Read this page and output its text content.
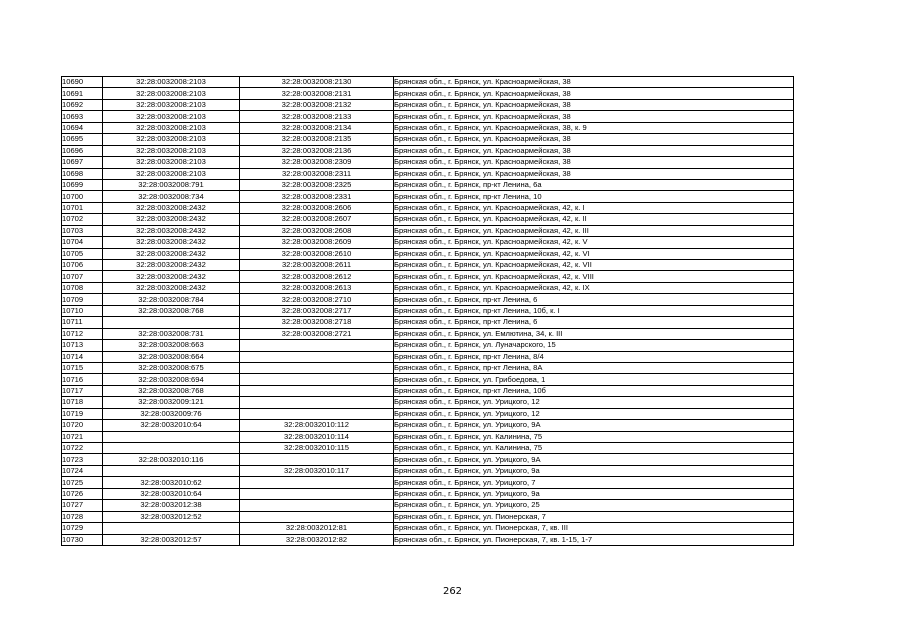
10690	32:28:0032008:2103	32:28:0032008:2130	Брянская обл., г. Брянск, ул. Красноармейская, 38
10691	32:28:0032008:2103	32:28:0032008:2131	Брянская обл., г. Брянск, ул. Красноармейская, 38
10692	32:28:0032008:2103	32:28:0032008:2132	Брянская обл., г. Брянск, ул. Красноармейская, 38
10693	32:28:0032008:2103	32:28:0032008:2133	Брянская обл., г. Брянск, ул. Красноармейская, 38
10694	32:28:0032008:2103	32:28:0032008:2134	Брянская обл., г. Брянск, ул. Красноармейская, 38, к. 9
10695	32:28:0032008:2103	32:28:0032008:2135	Брянская обл., г. Брянск, ул. Красноармейская, 38
10696	32:28:0032008:2103	32:28:0032008:2136	Брянская обл., г. Брянск, ул. Красноармейская, 38
10697	32:28:0032008:2103	32:28:0032008:2309	Брянская обл., г. Брянск, ул. Красноармейская, 38
10698	32:28:0032008:2103	32:28:0032008:2311	Брянская обл., г. Брянск, ул. Красноармейская, 38
10699	32:28:0032008:791	32:28:0032008:2325	Брянская обл., г. Брянск, пр-кт Ленина, 6а
10700	32:28:0032008:734	32:28:0032008:2331	Брянская обл., г. Брянск, пр-кт Ленина, 10
10701	32:28:0032008:2432	32:28:0032008:2606	Брянская обл., г. Брянск, ул. Красноармейская, 42, к. I
10702	32:28:0032008:2432	32:28:0032008:2607	Брянская обл., г. Брянск, ул. Красноармейская, 42, к. II
10703	32:28:0032008:2432	32:28:0032008:2608	Брянская обл., г. Брянск, ул. Красноармейская, 42, к. III
10704	32:28:0032008:2432	32:28:0032008:2609	Брянская обл., г. Брянск, ул. Красноармейская, 42, к. V
10705	32:28:0032008:2432	32:28:0032008:2610	Брянская обл., г. Брянск, ул. Красноармейская, 42, к. VI
10706	32:28:0032008:2432	32:28:0032008:2611	Брянская обл., г. Брянск, ул. Красноармейская, 42, к. VII
10707	32:28:0032008:2432	32:28:0032008:2612	Брянская обл., г. Брянск, ул. Красноармейская, 42, к. VIII
10708	32:28:0032008:2432	32:28:0032008:2613	Брянская обл., г. Брянск, ул. Красноармейская, 42, к. IX
10709	32:28:0032008:784	32:28:0032008:2710	Брянская обл., г. Брянск, пр-кт Ленина, 6
10710	32:28:0032008:768	32:28:0032008:2717	Брянская обл., г. Брянск, пр-кт Ленина, 10б, к. I
10711		32:28:0032008:2718	Брянская обл., г. Брянск, пр-кт Ленина, 6
10712	32:28:0032008:731	32:28:0032008:2721	Брянская обл., г. Брянск, ул. Емлютина, 34, к. III
10713	32:28:0032008:663		Брянская обл., г. Брянск, ул. Луначарского, 15
10714	32:28:0032008:664		Брянская обл., г. Брянск, пр-кт Ленина, 8/4
10715	32:28:0032008:675		Брянская обл., г. Брянск, пр-кт Ленина, 8А
10716	32:28:0032008:694		Брянская обл., г. Брянск, ул. Грибоедова, 1
10717	32:28:0032008:768		Брянская обл., г. Брянск, пр-кт Ленина, 10б
10718	32:28:0032009:121		Брянская обл., г. Брянск, ул. Урицкого, 12
10719	32:28:0032009:76		Брянская обл., г. Брянск, ул. Урицкого, 12
10720	32:28:0032010:64	32:28:0032010:112	Брянская обл., г. Брянск, ул. Урицкого, 9А
10721		32:28:0032010:114	Брянская обл., г. Брянск, ул. Калинина, 75
10722		32:28:0032010:115	Брянская обл., г. Брянск, ул. Калинина, 75
10723	32:28:0032010:116		Брянская обл., г. Брянск, ул. Урицкого, 9А
10724		32:28:0032010:117	Брянская обл., г. Брянск, ул. Урицкого, 9а
10725	32:28:0032010:62		Брянская обл., г. Брянск, ул. Урицкого, 7
10726	32:28:0032010:64		Брянская обл., г. Брянск, ул. Урицкого, 9а
10727	32:28:0032012:38		Брянская обл., г. Брянск, ул. Урицкого, 25
10728	32:28:0032012:52		Брянская обл., г. Брянск, ул. Пионерская, 7
10729		32:28:0032012:81	Брянская обл., г. Брянск, ул. Пионерская, 7, кв. III
10730	32:28:0032012:57	32:28:0032012:82	Брянская обл., г. Брянск, ул. Пионерская, 7, кв. 1-15, 1-7
262
